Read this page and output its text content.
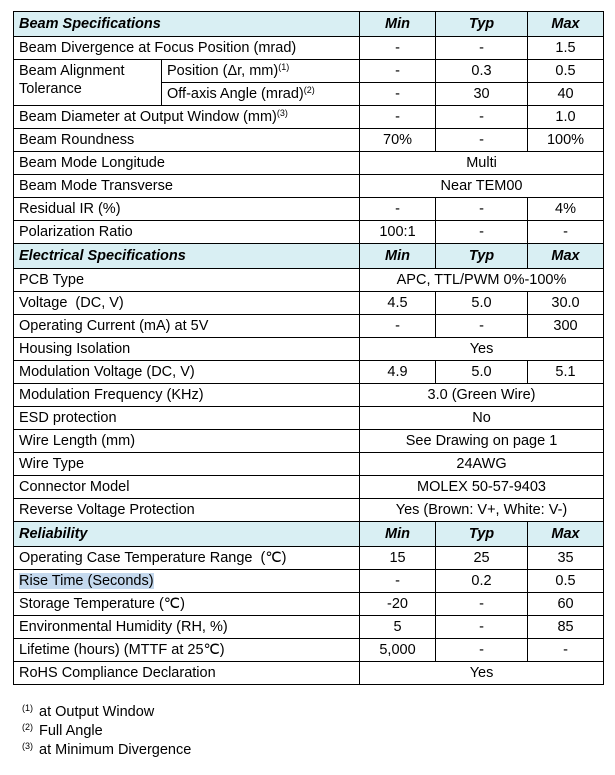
Beam Specifications		Min	Typ	Max
Beam Divergence at Focus Position (mrad)		-	-	1.5
Beam Alignment Tolerance	Position (Δr, mm)$^{(1)}$	-	0.3	0.5
	Off-axis Angle (mrad)$^{(2)}$	-	30	40
Beam Diameter at Output Window (mm)$^{(3)}$		-	-	1.0
Beam Roundness		70%	-	100%
Beam Mode Longitude		Multi		
Beam Mode Transverse		Near TEM00		
Residual IR (%)		-	-	4%
Polarization Ratio		100:1	-	-
Electrical Specifications		Min	Typ	Max
PCB Type		APC, TTL/PWM 0%-100%		
Voltage  (DC, V)		4.5	5.0	30.0
Operating Current (mA) at 5V		-	-	300
Housing Isolation		Yes		
Modulation Voltage (DC, V)		4.9	5.0	5.1
Modulation Frequency (KHz)		3.0 (Green Wire)		
ESD protection		No		
Wire Length (mm)		See Drawing on page 1		
Wire Type		24AWG		
Connector Model		MOLEX 50-57-9403		
Reverse Voltage Protection		Yes (Brown: V+, White: V-)		
Reliability		Min	Typ	Max
Operating Case Temperature Range  (℃)		15	25	35
Rise Time (Seconds)		-	0.2	0.5
Storage Temperature (℃)		-20	-	60
Environmental Humidity (RH, %)		5	-	85
Lifetime (hours) (MTTF at 25℃)		5,000	-	-
RoHS Compliance Declaration		Yes		
$^{(1)}$ at Output Window
$^{(2)}$ Full Angle
$^{(3)}$ at Minimum Divergence
